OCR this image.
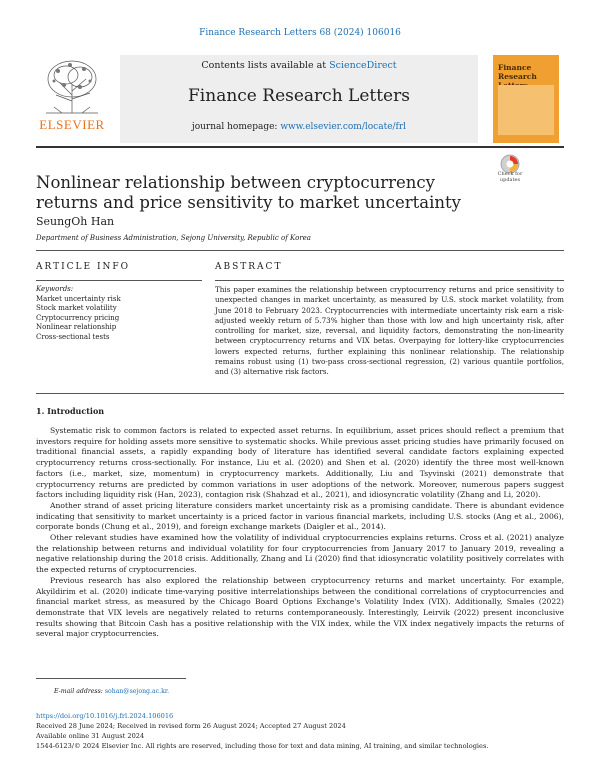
Finance Research Letters 68 (2024) 106016
ELSEVIER
Contents lists available at ScienceDirect
Finance Research Letters
journal homepage: www.elsevier.com/locate/frl
Finance Research
Check for updates
Nonlinear relationship between cryptocurrency returns and price sensitivity to market uncertainty
SeungOh Han
Department of Business Administration, Sejong University, Republic of Korea
ARTICLE INFO	ABSTRACT
Keywords:
Market uncertainty risk
Stock market volatility
Cryptocurrency pricing
Nonlinear relationship
Cross-sectional tests
This paper examines the relationship between cryptocurrency returns and price sensitivity to unexpected changes in market uncertainty, as measured by U.S. stock market volatility, from June 2018 to February 2023. Cryptocurrencies with intermediate uncertainty risk earn a risk-adjusted weekly return of 5.73% higher than those with low and high uncertainty risk, after controlling for market, size, reversal, and liquidity factors, demonstrating the non-linearity between cryptocurrency returns and VIX betas. Overpaying for lottery-like cryptocurrencies lowers expected returns, further explaining this nonlinear relationship. The relationship remains robust using (1) two-pass cross-sectional regression, (2) various quantile portfolios, and (3) alternative risk factors.
1. Introduction

Systematic risk to common factors is related to expected asset returns. In equilibrium, asset prices should reflect a premium that investors require for holding assets more sensitive to systematic shocks. While previous asset pricing studies have primarily focused on traditional financial assets, a rapidly expanding body of literature has identified several candidate factors explaining expected cryptocurrency returns cross-sectionally. For instance, Liu et al. (2020) and Shen et al. (2020) identify the three most well-known factors (i.e., market, size, momentum) in cryptocurrency markets. Additionally, Liu and Tsyvinski (2021) demonstrate that cryptocurrency returns are predicted by common variations in user adoptions of the network. Moreover, numerous papers suggest factors including liquidity risk (Han, 2023), contagion risk (Shahzad et al., 2021), and idiosyncratic volatility (Zhang and Li, 2020).

Another strand of asset pricing literature considers market uncertainty risk as a promising candidate. There is abundant evidence indicating that sensitivity to market uncertainty is a priced factor in various financial markets, including U.S. stocks (Ang et al., 2006), corporate bonds (Chung et al., 2019), and foreign exchange markets (Daigler et al., 2014).

Other relevant studies have examined how the volatility of individual cryptocurrencies explains returns. Cross et al. (2021) analyze the relationship between returns and individual volatility for four cryptocurrencies from January 2017 to January 2019, revealing a negative relationship during the 2018 crisis. Additionally, Zhang and Li (2020) find that idiosyncratic volatility positively correlates with the expected returns of cryptocurrencies.

Previous research has also explored the relationship between cryptocurrency returns and market uncertainty. For example, Akyildirim et al. (2020) indicate time-varying positive interrelationships between the conditional correlations of cryptocurrencies and financial market stress, as measured by the Chicago Board Options Exchange's Volatility Index (VIX). Additionally, Smales (2022) demonstrate that VIX levels are negatively related to returns contemporaneously. Interestingly, Leirvik (2022) present inconclusive results showing that Bitcoin Cash has a positive relationship with the VIX index, while the VIX index negatively impacts the returns of several major cryptocurrencies.

E-mail address: sohan@sejong.ac.kr.
https://doi.org/10.1016/j.frl.2024.106016
Received 28 June 2024; Received in revised form 26 August 2024; Accepted 27 August 2024
Available online 31 August 2024
1544-6123/© 2024 Elsevier Inc. All rights are reserved, including those for text and data mining, AI training, and similar technologies.
